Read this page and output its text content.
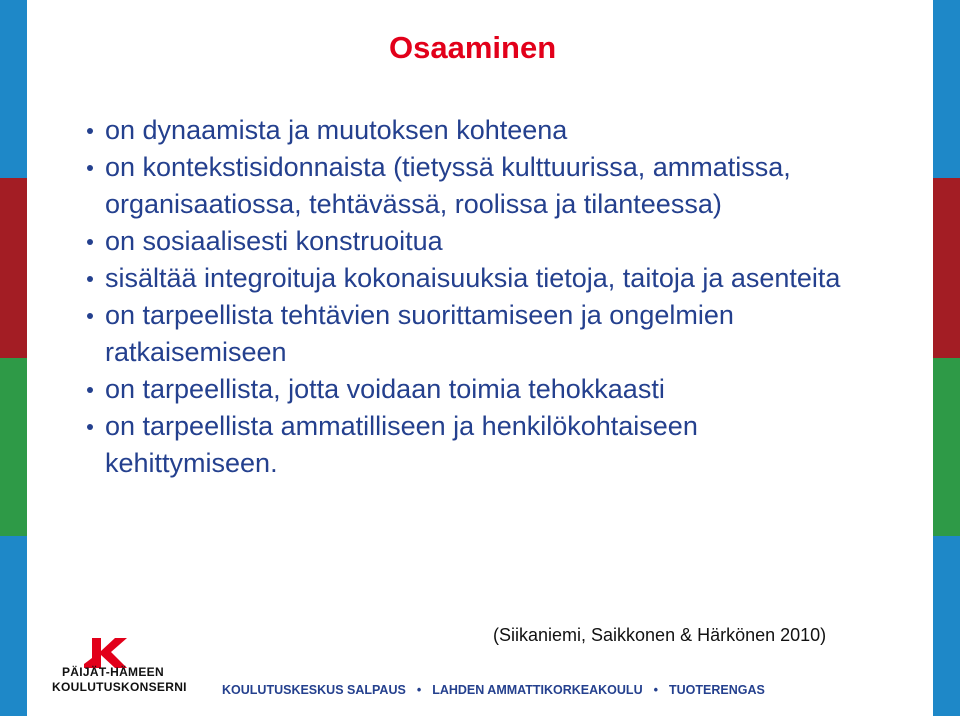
Osaaminen
on dynaamista ja muutoksen kohteena
on kontekstisidonnaista (tietyssä kulttuurissa, ammatissa, organisaatiossa, tehtävässä, roolissa ja tilanteessa)
on sosiaalisesti konstruoitua
sisältää integroituja kokonaisuuksia tietoja, taitoja ja asenteita
on tarpeellista tehtävien suorittamiseen ja ongelmien ratkaisemiseen
on tarpeellista, jotta voidaan toimia tehokkaasti
on tarpeellista ammatilliseen ja henkilökohtaiseen kehittymiseen.

(Siikaniemi, Saikkonen & Härkönen 2010)

PÄIJÄT-HÄMEEN
KOULUTUSKONSERNI	KOULUTUSKESKUS SALPAUS • LAHDEN AMMATTIKORKEAKOULU • TUOTERENGAS
